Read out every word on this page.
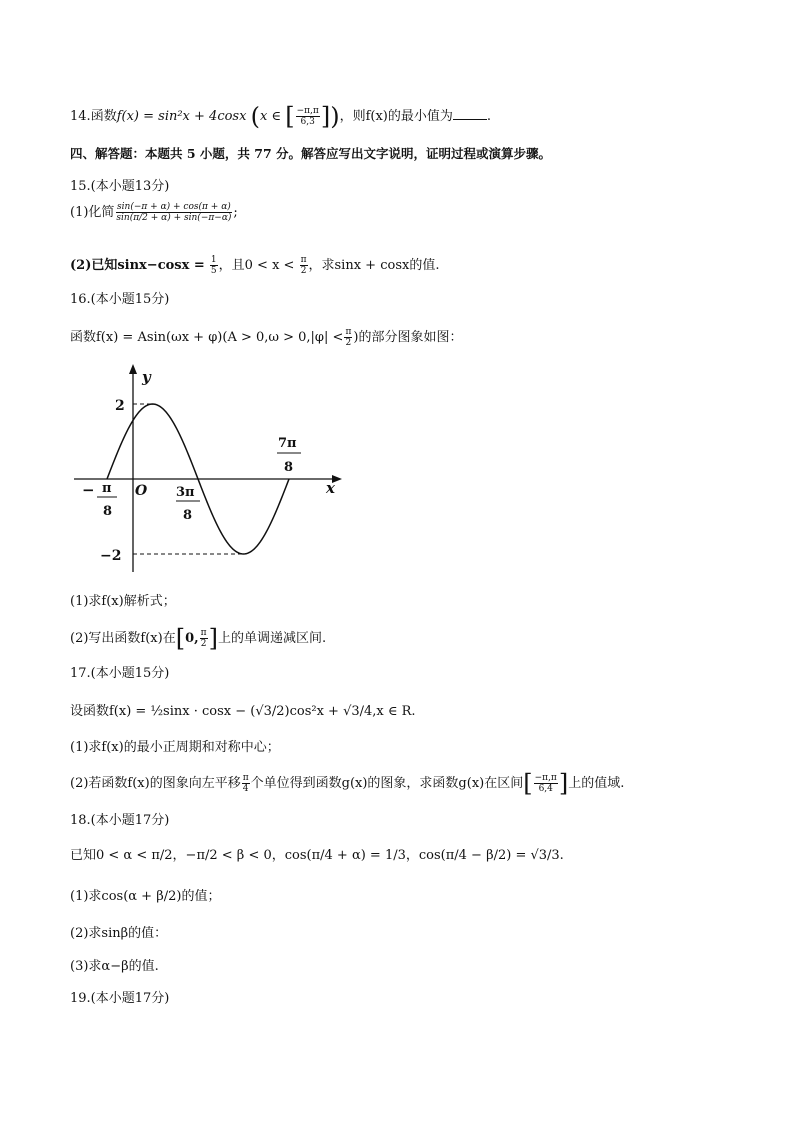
14.函数f(x) = sin²x + 4cosx (x ∈ [ $\frac{-\pi,\pi}{6,3}$ ])，则f(x)的最小值为	.
四、解答题：本题共 5 小题，共 77 分。解答应写出文字说明，证明过程或演算步骤。
15.(本小题13分)
(1)化简 $\frac{\sin(-\pi + \alpha) + \cos(\pi + \alpha)}{\sin(\pi/2 + \alpha) + \sin(-\pi-\alpha)}$ ;
(2)已知$\sin x-\cos x = \frac{1}{5}$ ，且$0 < x < \frac{\pi}{2}$ ，求sinx + cosx的值.
16.(本小题15分)
函数$f(x) = Asin(\omega x + \varphi)(A > 0,\omega > 0,|\varphi| < \frac{\pi}{2}$ )的部分图象如图：
y
x
O
2
−2
− π
8
3π
8
7π
8
(1)求f(x)解析式；
(2)写出函数f(x)在[0, $\frac{\pi}{2}$ ]上的单调递减区间.
17.(本小题15分)
设函数f(x) = ½sinx · cosx − (√3/2)cos²x + √3/4,x ∈ R.
(1)求f(x)的最小正周期和对称中心；
(2)若函数f(x)的图象向左平移 $\frac{\pi}{4}$ 个单位得到函数g(x)的图象，求函数g(x)在区间[ $\frac{-\pi,\pi}{6,4}$ ]上的值域.
18.(本小题17分)
已知0 < α < π/2，−π/2 < β < 0，cos(π/4 + α) = 1/3，cos(π/4 − β/2) = √3/3.
(1)求cos(α + β/2)的值；
(2)求sinβ的值：
(3)求α−β的值.
19.(本小题17分)
